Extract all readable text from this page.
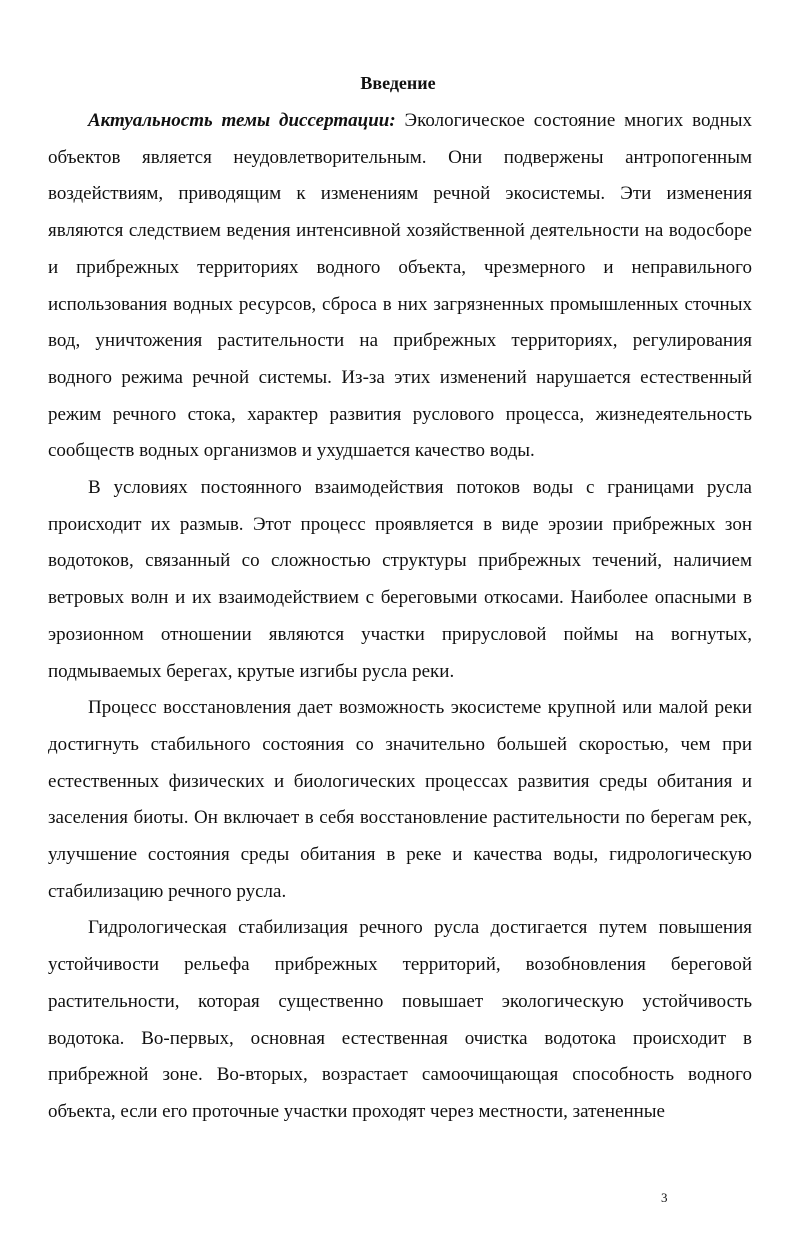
Введение

Актуальность темы диссертации: Экологическое состояние многих водных объектов является неудовлетворительным. Они подвержены антропогенным воздействиям, приводящим к изменениям речной экосистемы. Эти изменения являются следствием ведения интенсивной хозяйственной деятельности на водосборе и прибрежных территориях водного объекта, чрезмерного и неправильного использования водных ресурсов, сброса в них загрязненных промышленных сточных вод, уничтожения растительности на прибрежных территориях, регулирования водного режима речной системы. Из-за этих изменений нарушается естественный режим речного стока, характер развития руслового процесса, жизнедеятельность сообществ водных организмов и ухудшается качество воды.

В условиях постоянного взаимодействия потоков воды с границами русла происходит их размыв. Этот процесс проявляется в виде эрозии прибрежных зон водотоков, связанный со сложностью структуры прибрежных течений, наличием ветровых волн и их взаимодействием с береговыми откосами. Наиболее опасными в эрозионном отношении являются участки прирусловой поймы на вогнутых, подмываемых берегах, крутые изгибы русла реки.

Процесс восстановления дает возможность экосистеме крупной или малой реки достигнуть стабильного состояния со значительно большей скоростью, чем при естественных физических и биологических процессах развития среды обитания и заселения биоты. Он включает в себя восстановление растительности по берегам рек, улучшение состояния среды обитания в реке и качества воды, гидрологическую стабилизацию речного русла.

Гидрологическая стабилизация речного русла достигается путем повышения устойчивости рельефа прибрежных территорий, возобновления береговой растительности, которая существенно повышает экологическую устойчивость водотока. Во-первых, основная естественная очистка водотока происходит в прибрежной зоне. Во-вторых, возрастает самоочищающая способность водного объекта, если его проточные участки проходят через местности, затененные

3
